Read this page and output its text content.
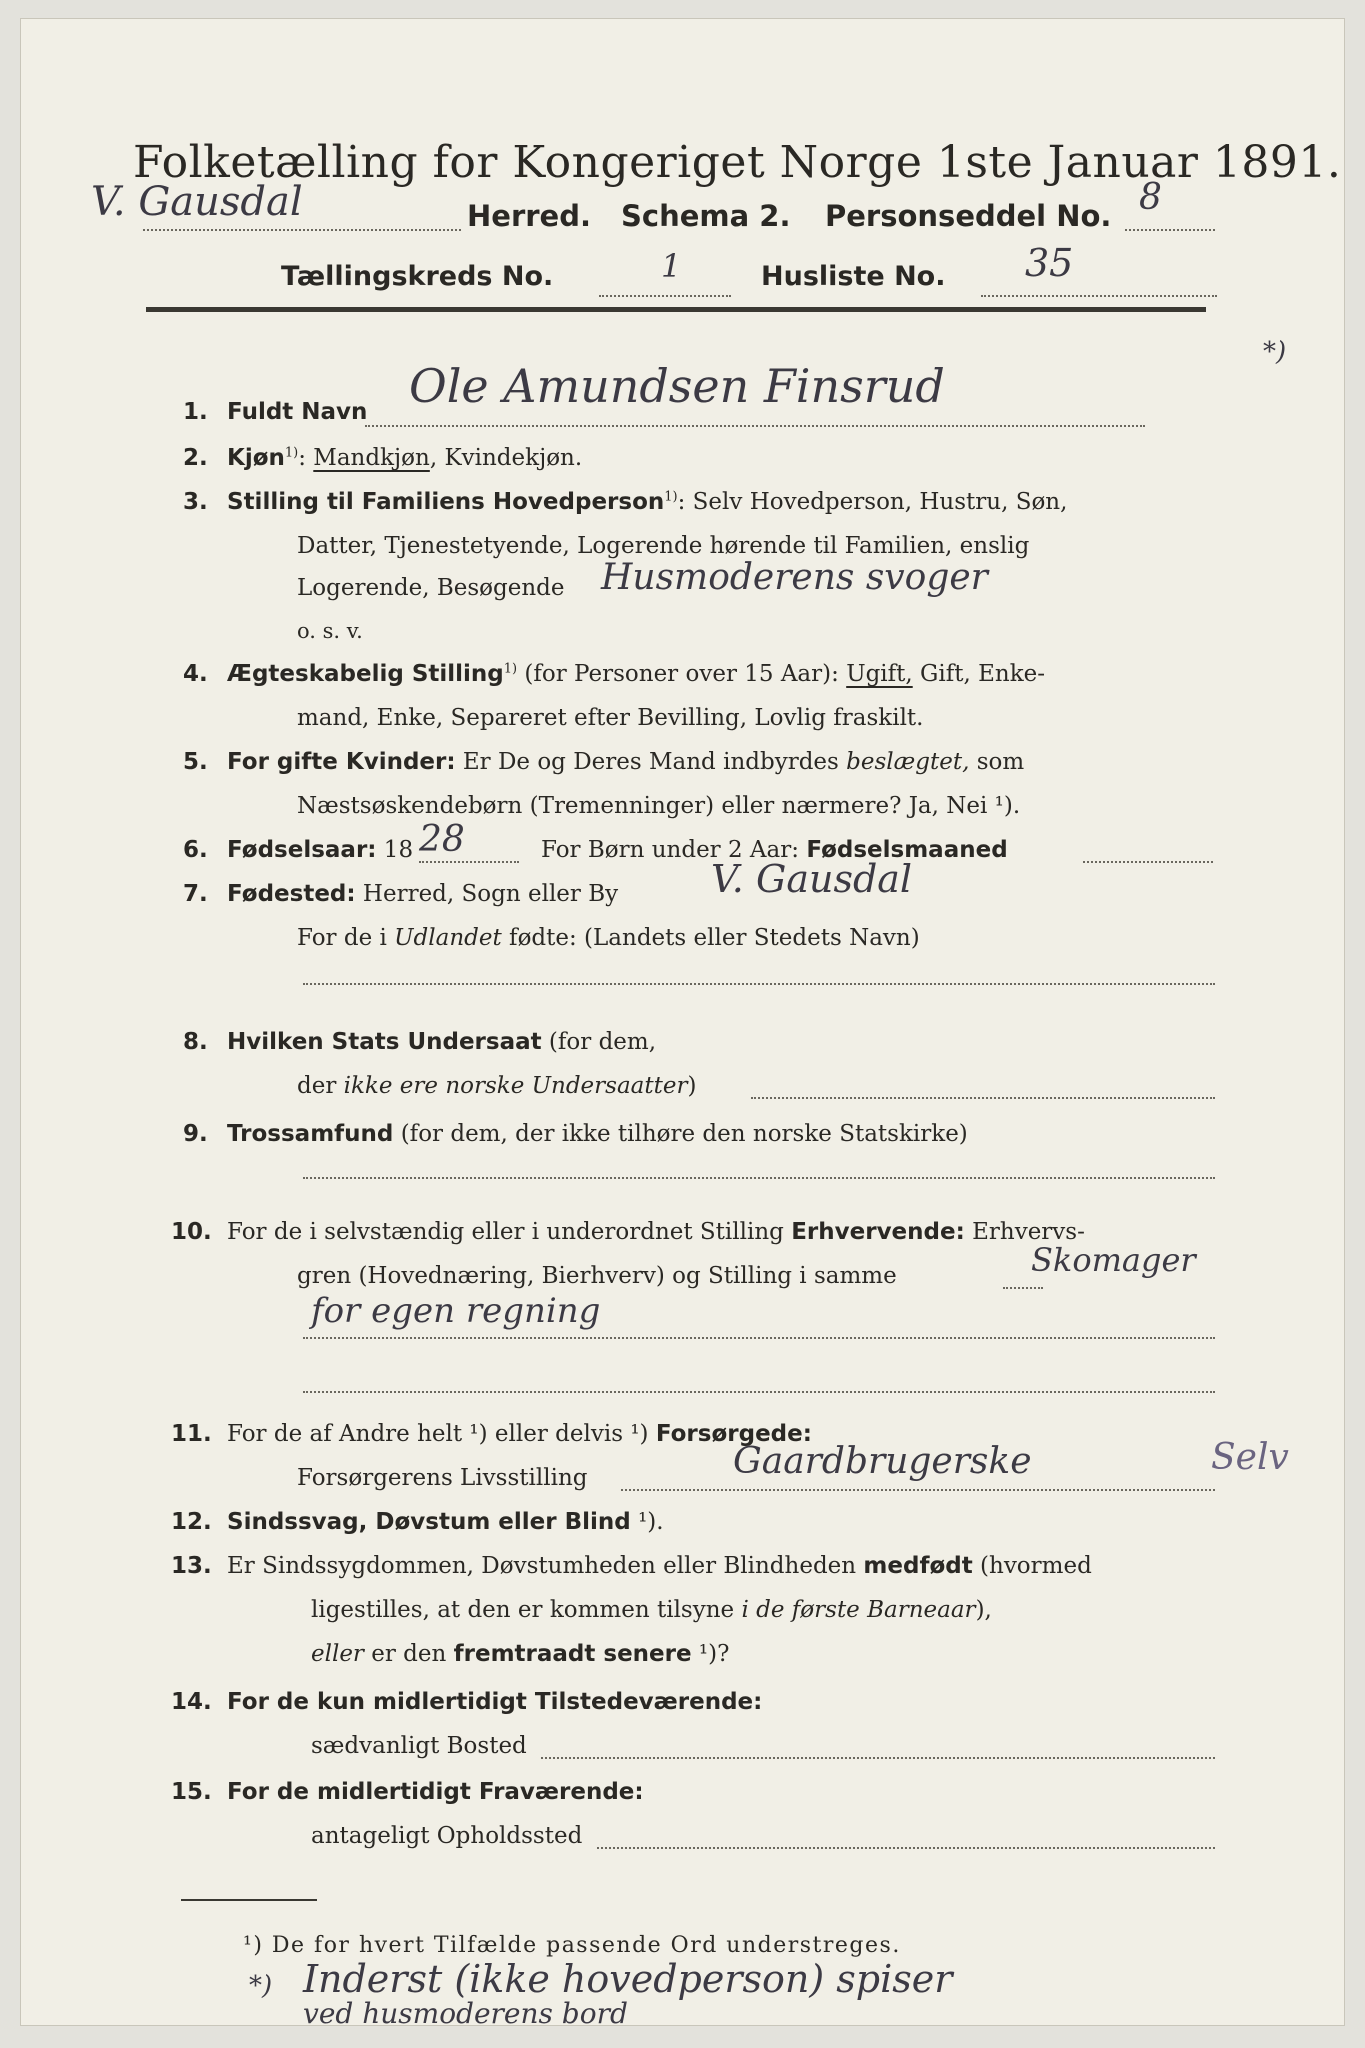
Folketælling for Kongeriget Norge 1ste Januar 1891.
V. Gausdal	Herred. Schema 2. Personseddel No. 8
Tællingskreds No.	1	Husliste No. 35
1. Fuldt Navn Ole Amundsen Finsrud
*)
2. Kjøn$^{1)}$: Mandkjøn, Kvindekjøn.
3. Stilling til Familiens Hovedperson$^{1)}$: Selv Hovedperson, Hustru, Søn,
Datter, Tjenestetyende, Logerende hørende til Familien, enslig
Logerende, Besøgende Husmoderens svoger
o. s. v.
4. Ægteskabelig Stilling$^{1)}$ (for Personer over 15 Aar): Ugift, Gift, Enke-
mand, Enke, Separeret efter Bevilling, Lovlig fraskilt.
5. For gifte Kvinder: Er De og Deres Mand indbyrdes beslægtet, som
Næstsøskendebørn (Tremenninger) eller nærmere? Ja, Nei ¹).
6. Fødselsaar: 18 28	For Børn under 2 Aar: Fødselsmaaned
7. Fødested: Herred, Sogn eller By V. Gausdal
For de i Udlandet fødte: (Landets eller Stedets Navn)
8. Hvilken Stats Undersaat (for dem,
der ikke ere norske Undersaatter)
9. Trossamfund (for dem, der ikke tilhøre den norske Statskirke)
10. For de i selvstændig eller i underordnet Stilling Erhvervende: Erhvervs-
gren (Hovednæring, Bierhverv) og Stilling i samme	Skomager
for egen regning
11. For de af Andre helt ¹) eller delvis ¹) Forsørgede:
Forsørgerens Livsstilling	Gaardbrugerske	Selv
12. Sindssvag, Døvstum eller Blind ¹).
13. Er Sindssygdommen, Døvstumheden eller Blindheden medfødt (hvormed
ligestilles, at den er kommen tilsyne i de første Barneaar),
eller er den fremtraadt senere ¹)?
14. For de kun midlertidigt Tilstedeværende:
sædvanligt Bosted
15. For de midlertidigt Fraværende:
antageligt Opholdssted
¹) De for hvert Tilfælde passende Ord understreges.
*) Inderst (ikke hovedperson) spiser
ved husmoderens bord
